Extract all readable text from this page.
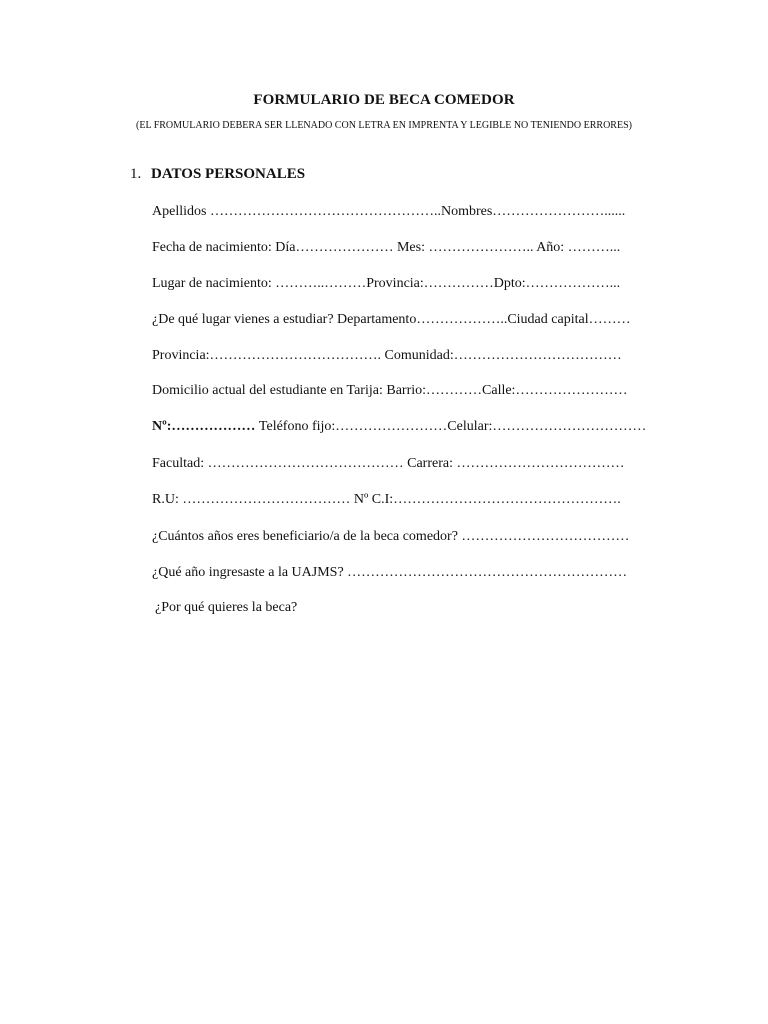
FORMULARIO DE BECA COMEDOR
(EL FROMULARIO DEBERA SER LLENADO CON LETRA EN IMPRENTA Y LEGIBLE NO TENIENDO ERRORES)
1. DATOS PERSONALES
Apellidos …………………………………………..Nombres……………………......
Fecha de nacimiento: Día………………… Mes: ………………….. Año: ………...
Lugar de nacimiento: ………..………Provincia:……………Dpto:………………...
¿De qué lugar vienes a estudiar? Departamento………………..Ciudad capital………
Provincia:………………………………. Comunidad:………………………………
Domicilio actual del estudiante en Tarija: Barrio:…………Calle:……………………
Nº:……………… Teléfono fijo:……………………Celular:……………………………
Facultad: …………………………………… Carrera: ………………………………
R.U: ……………………………… Nº C.I:………………………………………….
¿Cuántos años eres beneficiario/a de la beca comedor? ………………………………
¿Qué año ingresaste a la UAJMS? ……………………………………………………
¿Por qué quieres la beca?
